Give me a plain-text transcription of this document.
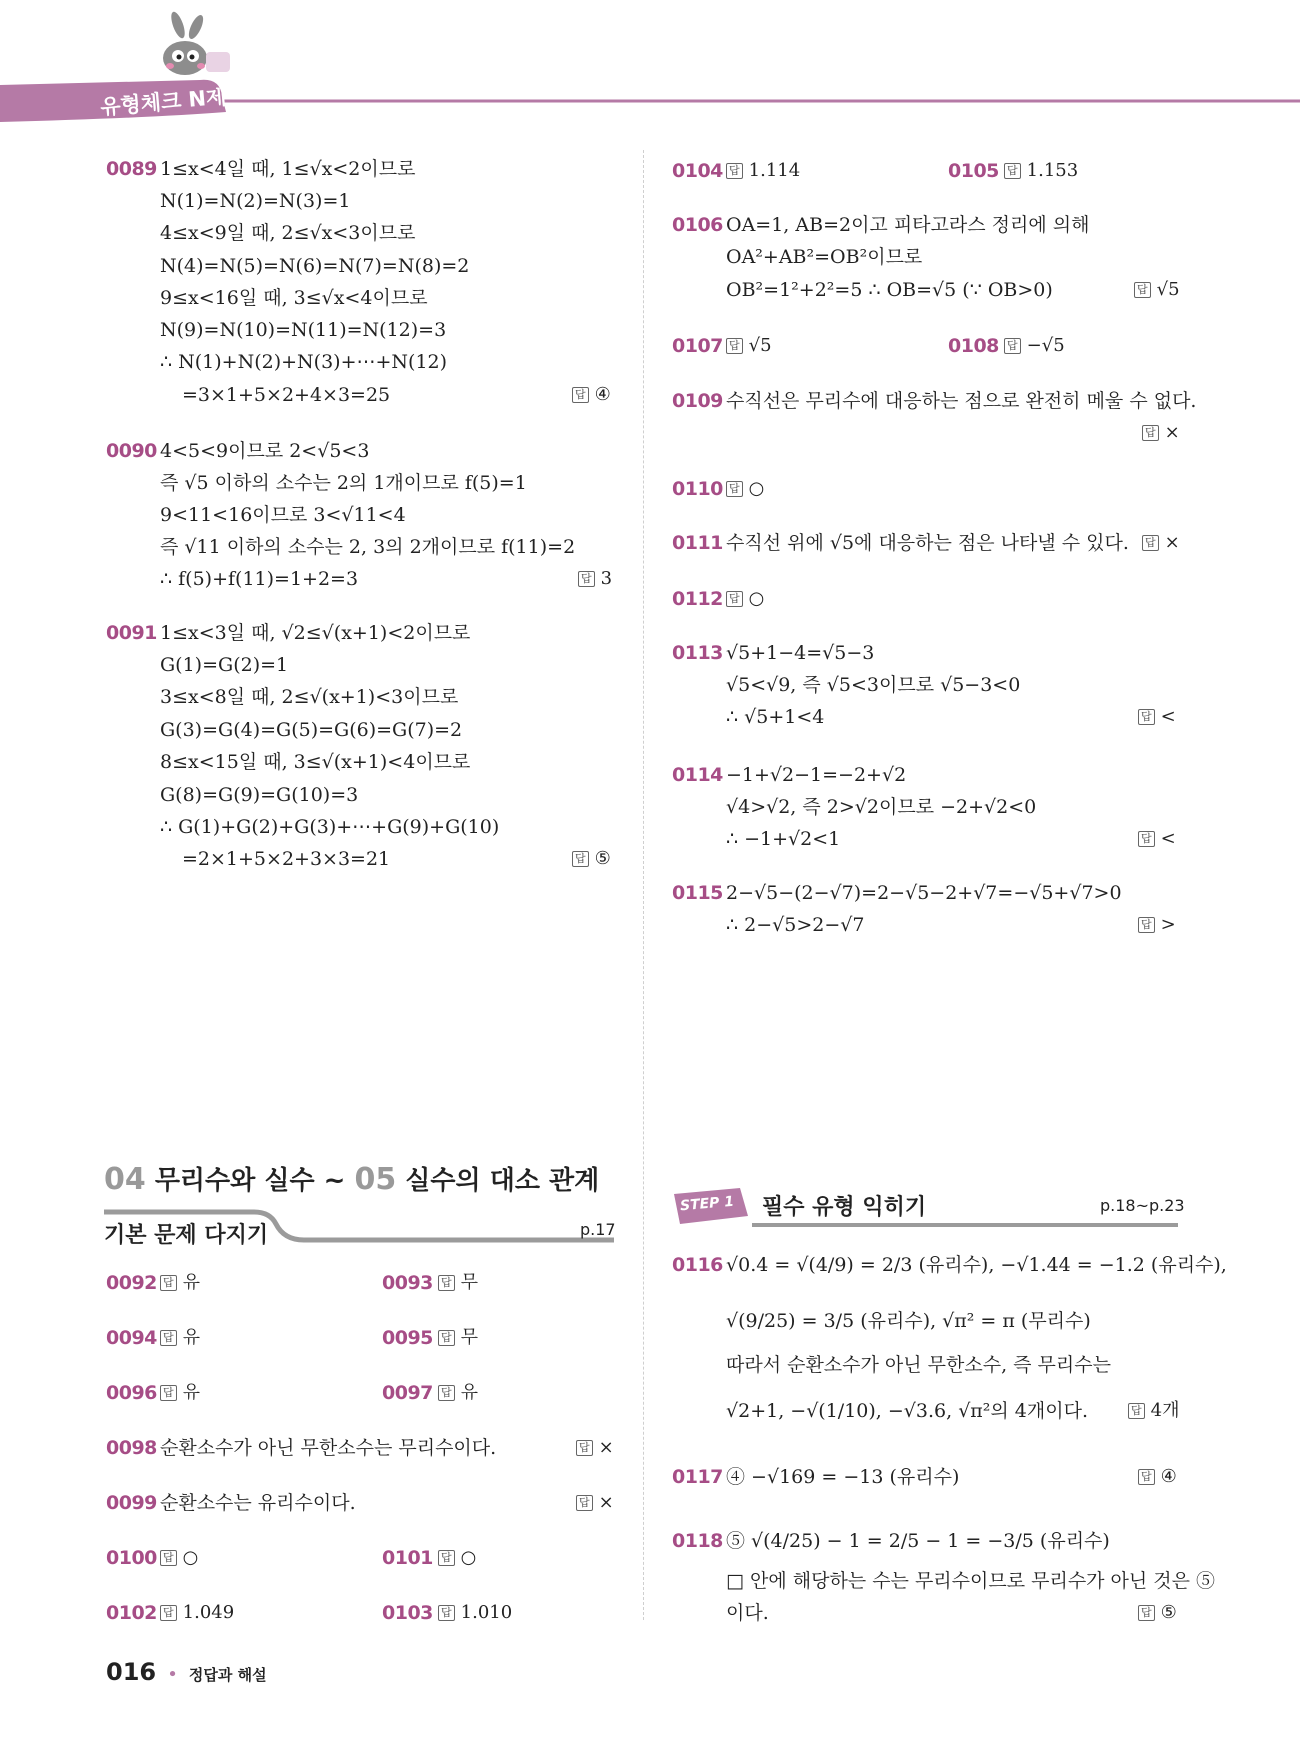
유형체크 N제
0089 1≤x<4일 때, 1≤√x<2이므로
N(1)=N(2)=N(3)=1
4≤x<9일 때, 2≤√x<3이므로
N(4)=N(5)=N(6)=N(7)=N(8)=2
9≤x<16일 때, 3≤√x<4이므로
N(9)=N(10)=N(11)=N(12)=3
∴ N(1)+N(2)+N(3)+⋯+N(12)
=3×1+5×2+4×3=25	답 ④
0090 4<5<9이므로 2<√5<3
즉 √5 이하의 소수는 2의 1개이므로 f(5)=1
9<11<16이므로 3<√11<4
즉 √11 이하의 소수는 2, 3의 2개이므로 f(11)=2
∴ f(5)+f(11)=1+2=3	답 3
0091 1≤x<3일 때, √2≤√(x+1)<2이므로
G(1)=G(2)=1
3≤x<8일 때, 2≤√(x+1)<3이므로
G(3)=G(4)=G(5)=G(6)=G(7)=2
8≤x<15일 때, 3≤√(x+1)<4이므로
G(8)=G(9)=G(10)=3
∴ G(1)+G(2)+G(3)+⋯+G(9)+G(10)
=2×1+5×2+3×3=21	답 ⑤
04 무리수와 실수 ~ 05 실수의 대소 관계
기본 문제 다지기	p.17
0092 답 유	0093 답 무
0094 답 유	0095 답 무
0096 답 유	0097 답 유
0098 순환소수가 아닌 무한소수는 무리수이다.	답 ×
0099 순환소수는 유리수이다.	답 ×
0100 답 ○	0101 답 ○
0102 답 1.049	0103 답 1.010
0104 답 1.114	0105 답 1.153
0106 OA=1, AB=2이고 피타고라스 정리에 의해
OA²+AB²=OB²이므로
OB²=1²+2²=5 ∴ OB=√5 (∵ OB>0)	답 √5
0107 답 √5	0108 답 −√5
0109 수직선은 무리수에 대응하는 점으로 완전히 메울 수 없다.
답 ×
0110 답 ○
0111 수직선 위에 √5에 대응하는 점은 나타낼 수 있다. 답 ×
0112 답 ○
0113 √5+1−4=√5−3
√5<√9, 즉 √5<3이므로 √5−3<0
∴ √5+1<4	답 <
0114 −1+√2−1=−2+√2
√4>√2, 즉 2>√2이므로 −2+√2<0
∴ −1+√2<1	답 <
0115 2−√5−(2−√7)=2−√5−2+√7=−√5+√7>0
∴ 2−√5>2−√7	답 >
STEP 1 필수 유형 익히기	p.18~p.23
0116 √0.4̇ = √(4/9) = 2/3 (유리수), −√1.44 = −1.2 (유리수),
√(9/25) = 3/5 (유리수), √π² = π (무리수)
따라서 순환소수가 아닌 무한소수, 즉 무리수는
√2+1, −√(1/10), −√3.6, √π²의 4개이다.	답 4개
0117 ④ −√169 = −13 (유리수)	답 ④
0118 ⑤ √(4/25) − 1 = 2/5 − 1 = −3/5 (유리수)
□ 안에 해당하는 수는 무리수이므로 무리수가 아닌 것은 ⑤
이다.	답 ⑤
016 • 정답과 해설
